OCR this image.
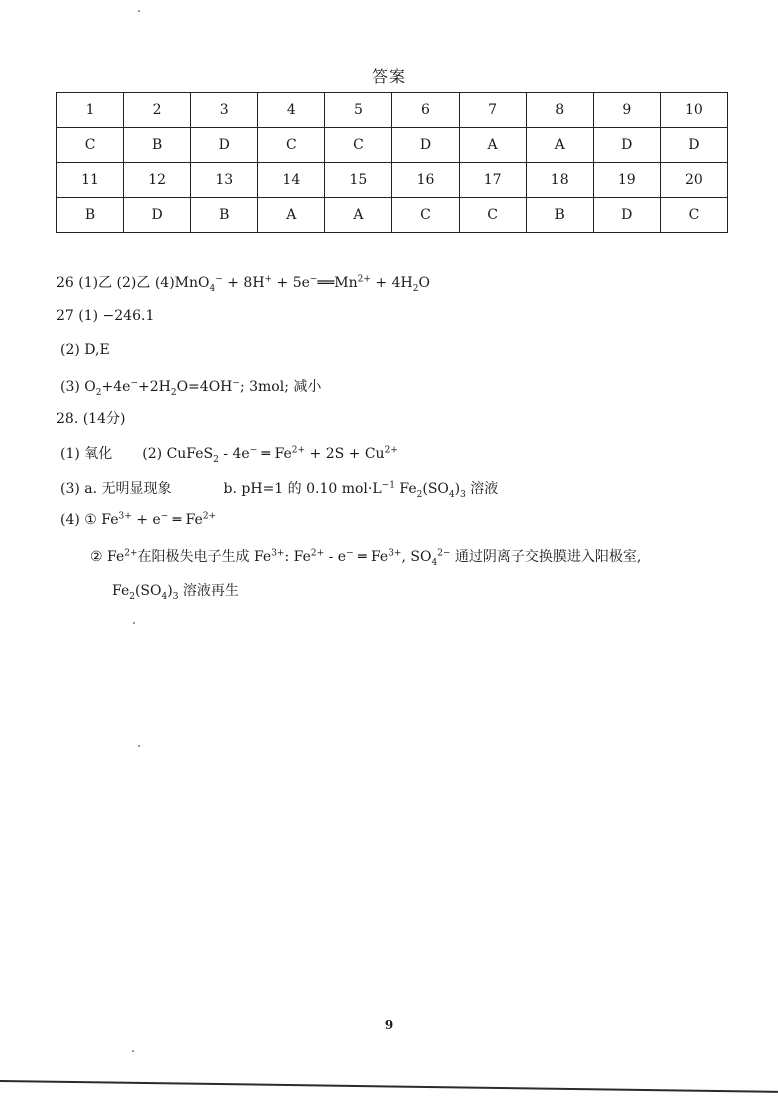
答案
1	2	3	4	5	6	7	8	9	10
C	B	D	C	C	D	A	A	D	D
11	12	13	14	15	16	17	18	19	20
B	D	B	A	A	C	C	B	D	C
26 (1)乙 (2)乙 $(4)MnO_4^- + 8H^+ + 5e^-══Mn^{2+} + 4H_2O$
27 (1) −246.1
(2) D,E
(3) $O_2+4e^-+2H_2O=4OH^-$; 3mol; 减小
28. (14分)
(1) 氧化 (2) CuFeS$_2$ - 4e− ═ $Fe^{2+} + 2S + Cu^{2+}$
(3) a. 无明显现象	b. pH=1 的 0.10 $mol\cdot L^{-1}$ $Fe_2(SO_4)_3$ 溶液
(4) ① $Fe^{3+} + e^-$ ═ $Fe^{2+}$
② $Fe^{2+}$在阳极失电子生成 $Fe^{3+}$: $Fe^{2+} - e^-$ ═ $Fe^{3+}$, $SO_4^{2-}$ 通过阴离子交换膜进入阳极室,
$Fe_2(SO_4)_3$ 溶液再生
9
